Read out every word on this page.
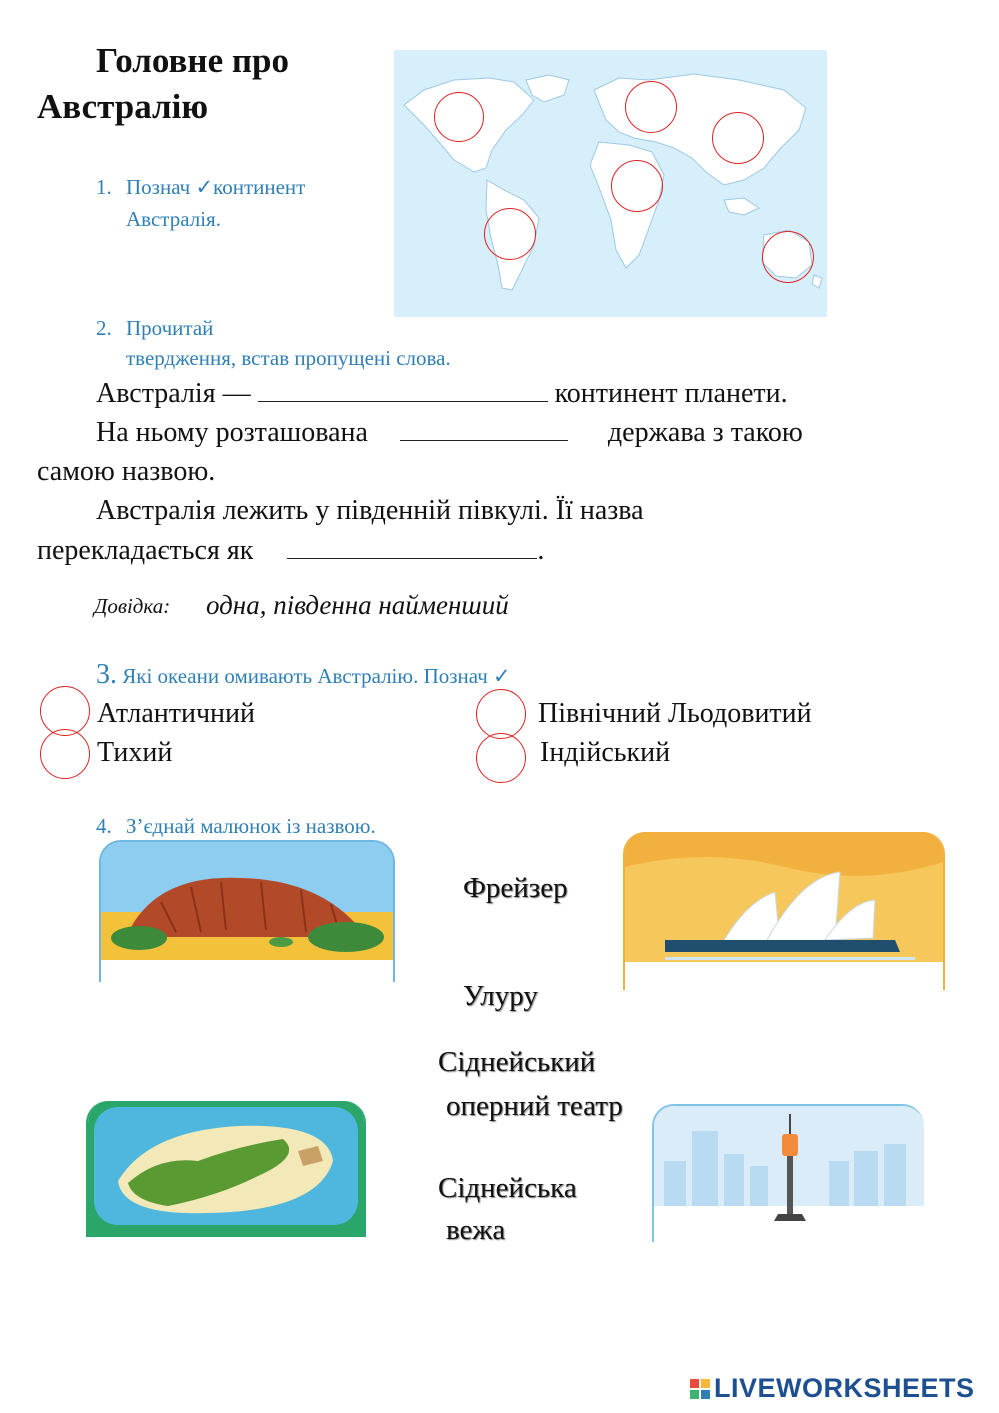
Головне про
Австралію
1. Познач ✓континент
Австралія.
2. Прочитай
твердження, встав пропущені слова.
Австралія —	континент планети.
На ньому розташована	держава з такою
самою назвою.
Австралія лежить у південній півкулі. Її назва
перекладається як	.
Довідка: одна, південна найменший
3. Які океани омивають Австралію. Познач ✓
Атлантичний
Тихий
Північний Льодовитий
Індійський
4. З’єднай малюнок із назвою.
Фрейзер
Улуру
Сіднейський
оперний театр
Сіднейська
вежа
LIVEWORKSHEETS
